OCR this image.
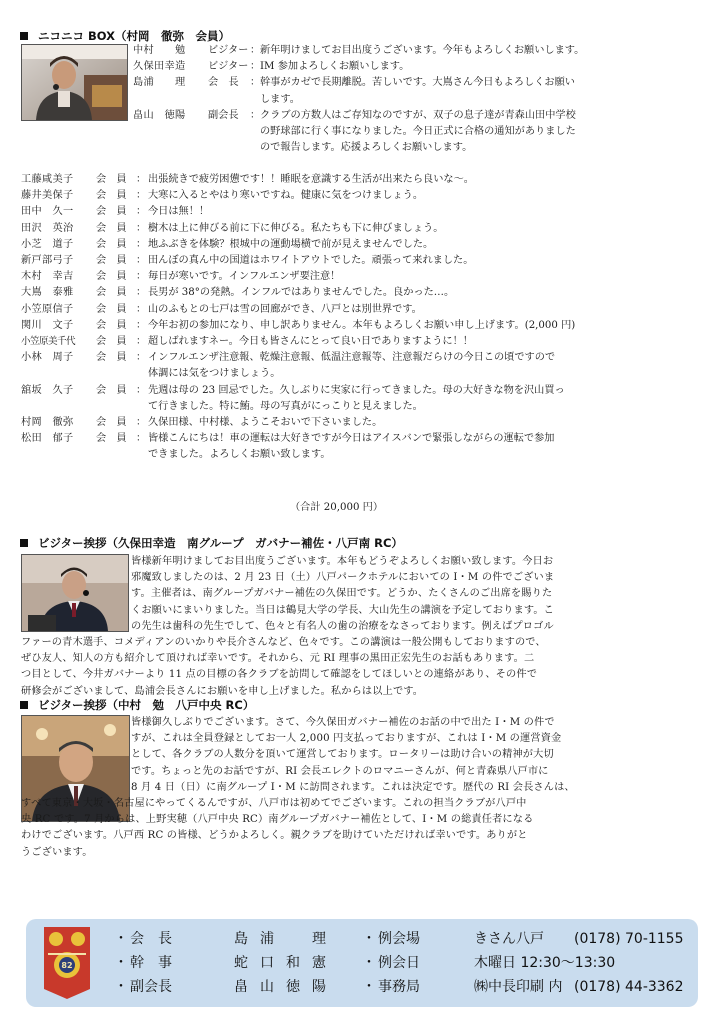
ニコニコ BOX（村岡　徹弥　会員）
中村　　勉	ビジター ： 新年明けましてお目出度うございます。今年もよろしくお願いします。
久保田幸造	ビジター ： IM 参加よろしくお願いします。
島浦　　理	会　長 ： 幹事がカゼで長期離脱。苦しいです。大嶌さん今日もよろしくお願い
します。
畠山　徳陽	副会長 ： クラブの方数人はご存知なのですが、双子の息子達が青森山田中学校
の野球部に行く事になりました。今日正式に合格の通知がありました
ので報告します。応援よろしくお願いします。
工藤咸美子	会　員 ： 出張続きで疲労困憊です！！睡眠を意識する生活が出来たら良いな〜。
藤井美保子	会　員 ： 大寒に入るとやはり寒いですね。健康に気をつけましょう。
田中　久一	会　員 ： 今日は無！！
田沢　英治	会　員 ： 樹木は上に伸びる前に下に伸びる。私たちも下に伸びましょう。
小芝　道子	会　員 ： 地ふぶきを体験？根城中の運動場横で前が見えませんでした。
新戸部弓子	会　員 ： 田んぼの真ん中の国道はホワイトアウトでした。頑張って来れました。
木村　幸吉	会　員 ： 毎日が寒いです。インフルエンザ要注意！
大嶌　泰雅	会　員 ： 長男が 38°の発熱。インフルではありませんでした。良かった…。
小笠原信子	会　員 ： 山のふもとの七戸は雪の回廊ができ、八戸とは別世界です。
関川　文子	会　員 ： 今年お初の参加になり、申し訳ありません。本年もよろしくお願い申し上げます。(2,000 円)
小笠原美千代	会　員 ： 超しばれますネー。今日も皆さんにとって良い日でありますように！！
小林　周子	会　員 ： インフルエンザ注意報、乾燥注意報、低温注意報等、注意報だらけの今日この頃ですので
体調には気をつけましょう。
舘坂　久子	会　員 ： 先週は母の 23 回忌でした。久しぶりに実家に行ってきました。母の大好きな物を沢山買っ
て行きました。特に鮪。母の写真がにっこりと見えました。
村岡　徹弥	会　員 ： 久保田様、中村様、ようこそおいで下さいました。
松田　郁子	会　員 ： 皆様こんにちは！車の運転は大好きですが今日はアイスバンで緊張しながらの運転で参加
できました。よろしくお願い致します。
（合計 20,000 円）
ビジター挨拶（久保田幸造　南グループ　ガバナー補佐・八戸南 RC）
皆様新年明けましてお目出度うございます。本年もどうぞよろしくお願い致します。今日お
邪魔致しましたのは、2 月 23 日（土）八戸パークホテルにおいての I・M の件でございま
す。主催者は、南グループガバナー補佐の久保田です。どうか、たくさんのご出席を賜りた
くお願いにまいりました。当日は鶴見大学の学長、大山先生の講演を予定しております。こ
の先生は歯科の先生でして、色々と有名人の歯の治療をなさっております。例えばプロゴル
ファーの青木選手、コメディアンのいかりや長介さんなど、色々です。この講演は一般公開もしておりますので、
ぜひ友人、知人の方も紹介して頂ければ幸いです。それから、元 RI 理事の黒田正宏先生のお話もあります。二
つ目として、今井ガバナーより 11 点の目標の各クラブを訪問して確認をしてほしいとの連絡があり、その件で
研修会がございまして、島浦会長さんにお願いを申し上げました。私からは以上です。
ビジター挨拶（中村　勉　八戸中央 RC）
皆様御久しぶりでございます。さて、今久保田ガバナー補佐のお話の中で出た I・M の件で
すが、これは全員登録としてお一人 2,000 円支払っておりますが、これは I・M の運営資金
として、各クラブの人数分を頂いて運営しております。ロータリーは助け合いの精神が大切
です。ちょっと先のお話ですが、RI 会長エレクトのロマニーさんが、何と青森県八戸市に
8 月 4 日（日）に南グループ I・M に訪問されます。これは決定です。歴代の RI 会長さんは、
すべて東京・大坂・名古屋にやってくるんですが、八戸市は初めてでございます。これの担当クラブが八戸中
央 RC です。7 月からは、上野実穂（八戸中央 RC）南グループガバナー補佐として、I・M の総責任者になる
わけでございます。八戸西 RC の皆様、どうかよろしく。親クラブを助けていただければ幸いです。ありがと
うございます。
82
・ 会　長	島浦　理
・ 幹　事	蛇口和憲
・ 副会長	畠山徳陽
・ 例会場	きさん八戸 (0178) 70-1155
・ 例会日	木曜日 12:30〜13:30
・ 事務局	㈱中長印刷 内 (0178) 44-3362
